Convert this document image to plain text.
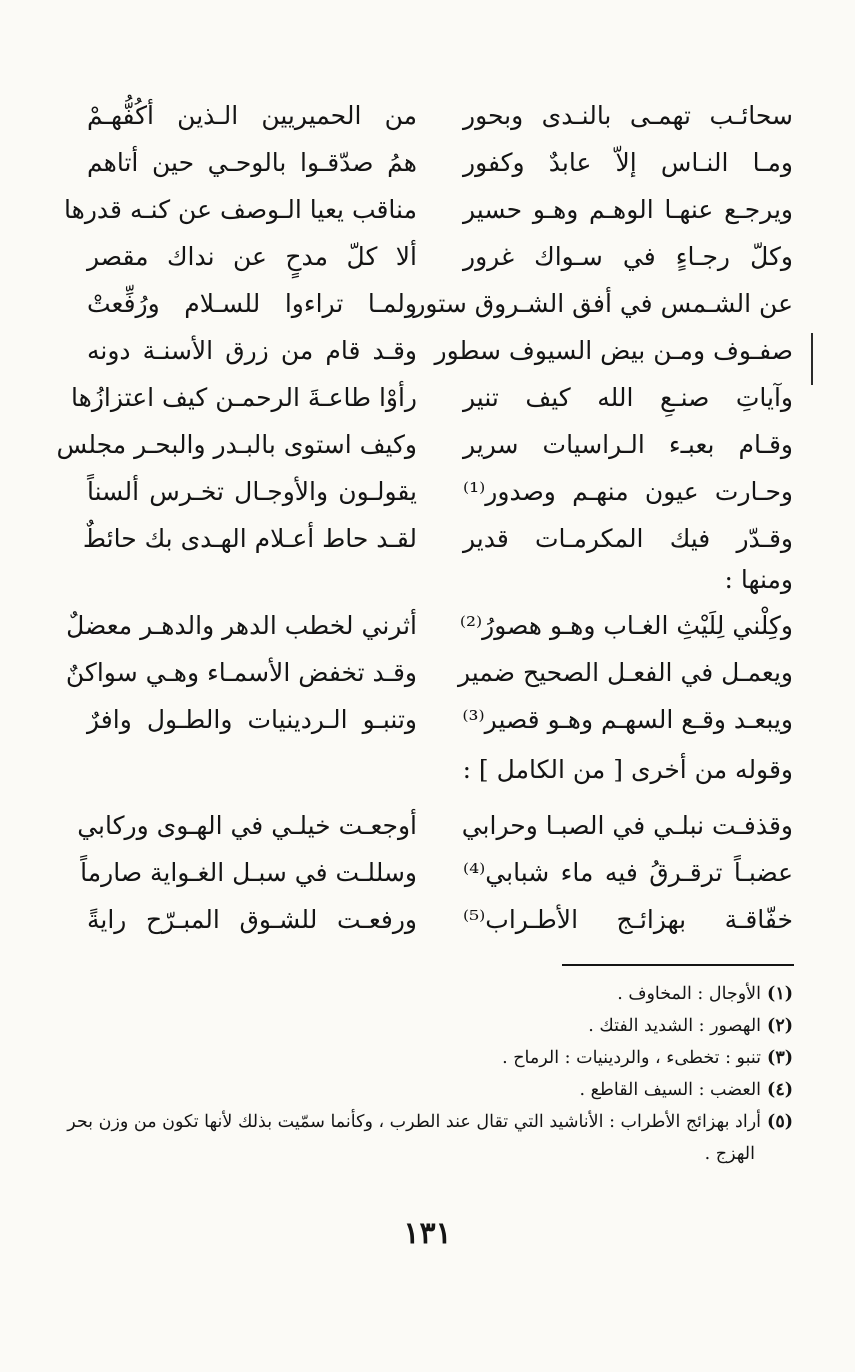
من الحميريين الـذين أكُفُّهـمْ سحائـب تهمـى بالنـدى وبحور
همُ صدّقـوا بالوحـي حين أتاهم ومـا النـاس إلاّ عابدٌ وكفور
مناقب يعيا الـوصف عن كنـه قدرها ويرجـع عنهـا الوهـم وهـو حسير
ألا كلّ مدحٍ عن نداك مقصر وكلّ رجـاءٍ في سـواك غرور
ولمـا تراءوا للسـلام ورُفِّعتْ
عن الشـمس في أفق الشـروق ستور
وقـد قام من زرق الأسنـة دونه صفـوف ومـن بيض السيوف سطور
رأوْا طاعـةَ الرحمـن كيف اعتزازُها وآياتِ صنـعِ الله كيف تنير
وكيف استوى بالبـدر والبحـر مجلس وقـام بعبـء الـراسيات سرير
يقولـون والأوجـال تخـرس ألسناً وحـارت عيون منهـم وصدور⁽¹⁾
لقـد حاط أعـلام الهـدى بك حائطٌ وقـدّر فيك المكرمـات قدير
ومنها :
أثرني لخطب الدهر والدهـر معضلٌ وكِلْني لِلَيْثِ الغـاب وهـو هصورُ⁽²⁾
وقـد تخفض الأسمـاء وهـي سواكنٌ ويعمـل في الفعـل الصحيح ضمير
وتنبـو الـردينيات والطـول وافرٌ ويبعـد وقـع السهـم وهـو قصير⁽³⁾
وقوله من أخرى [ من الكامل ] :
أوجعـت خيلـي في الهـوى وركابي وقذفـت نبلـي في الصبـا وحرابي
وسللـت في سبـل الغـواية صارماً عضبـاً ترقـرقُ فيه ماء شبابي⁽⁴⁾
ورفعـت للشـوق المبـرّح رايةً خفّاقـة بهزائـج الأطـراب⁽⁵⁾
(١)الأوجال : المخاوف .
(٢)الهصور : الشديد الفتك .
(٣)تنبو : تخطىء ، والردينيات : الرماح .
(٤)العضب : السيف القاطع .
(٥)أراد بهزائج الأطراب : الأناشيد التي تقال عند الطرب ، وكأنما سمّيت بذلك لأنها تكون من وزن بحر
الهزج .
١٣١
